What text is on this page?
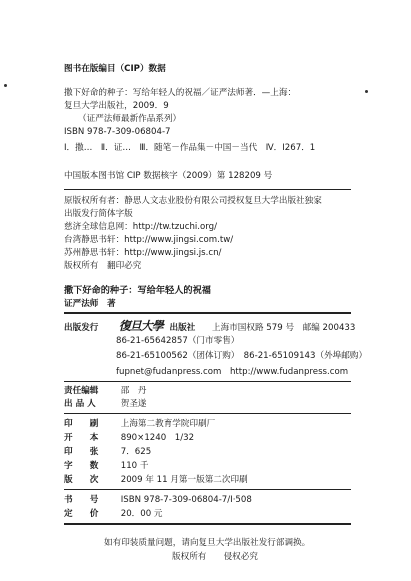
图书在版编目（CIP）数据
撒下好命的种子：写给年轻人的祝福／证严法师著．—上海：
复旦大学出版社，2009．9
（证严法师最新作品系列）
ISBN 978-7-309-06804-7
Ⅰ．撒…　Ⅱ．证…　Ⅲ．随笔－作品集－中国－当代　Ⅳ．I267．1
中国版本图书馆 CIP 数据核字（2009）第 128209 号
原版权所有者：静思人文志业股份有限公司授权复旦大学出版社独家
出版发行简体字版
慈济全球信息网：http://tw.tzuchi.org/
台湾静思书轩：http://www.jingsi.com.tw/
苏州静思书轩：http://www.jingsi.js.cn/
版权所有　翻印必究
撒下好命的种子：写给年轻人的祝福
证严法师　著
出版发行 復旦大學 出版社 上海市国权路 579 号　邮编 200433
86-21-65642857（门市零售）
86-21-65100562（团体订购）　86-21-65109143（外埠邮购）
fupnet@fudanpress.com　http://www.fudanpress.com
责任编辑	邵　丹
出 品 人	贺圣遂
印　　刷	上海第二教育学院印刷厂
开　　本	890×1240　1/32
印　　张	7．625
字　　数	110 千
版　　次	2009 年 11 月第一版第二次印刷
书　　号	ISBN 978-7-309-06804-7/I·508
定　　价	20．00 元
如有印装质量问题，请向复旦大学出版社发行部调换。
版权所有　　侵权必究
